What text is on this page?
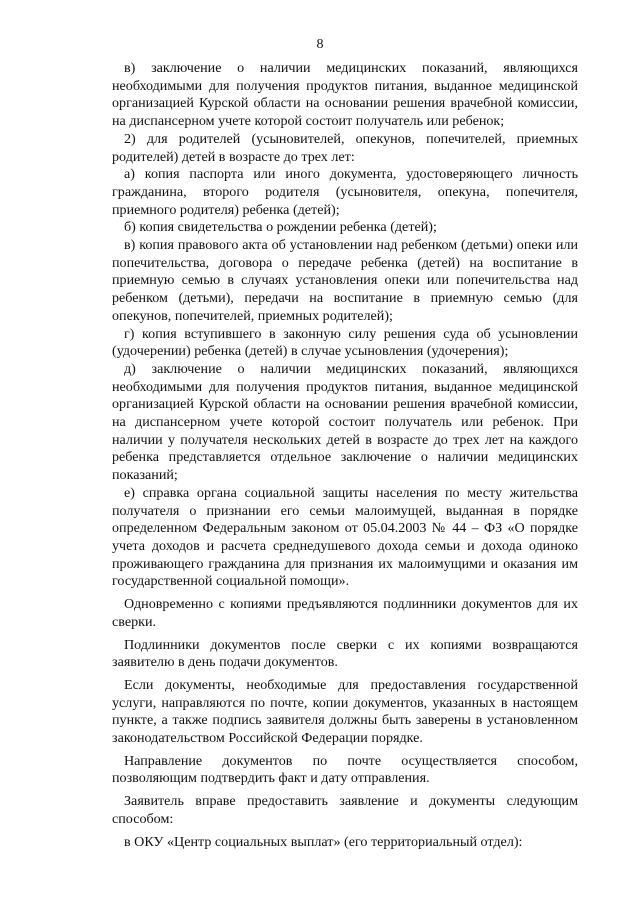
8

в) заключение о наличии медицинских показаний, являющихся необходимыми для получения продуктов питания, выданное медицинской организацией Курской области на основании решения врачебной комиссии, на диспансерном учете которой состоит получатель или ребенок;

2) для родителей (усыновителей, опекунов, попечителей, приемных родителей) детей в возрасте до трех лет:

а) копия паспорта или иного документа, удостоверяющего личность гражданина, второго родителя (усыновителя, опекуна, попечителя, приемного родителя) ребенка (детей);

б) копия свидетельства о рождении ребенка (детей);

в) копия правового акта об установлении над ребенком (детьми) опеки или попечительства, договора о передаче ребенка (детей) на воспитание в приемную семью в случаях установления опеки или попечительства над ребенком (детьми), передачи на воспитание в приемную семью (для опекунов, попечителей, приемных родителей);

г) копия вступившего в законную силу решения суда об усыновлении (удочерении) ребенка (детей) в случае усыновления (удочерения);

д) заключение о наличии медицинских показаний, являющихся необходимыми для получения продуктов питания, выданное медицинской организацией Курской области на основании решения врачебной комиссии, на диспансерном учете которой состоит получатель или ребенок. При наличии у получателя нескольких детей в возрасте до трех лет на каждого ребенка представляется отдельное заключение о наличии медицинских показаний;

е) справка органа социальной защиты населения по месту жительства получателя о признании его семьи малоимущей, выданная в порядке определенном Федеральным законом от 05.04.2003 № 44 – ФЗ «О порядке учета доходов и расчета среднедушевого дохода семьи и дохода одиноко проживающего гражданина для признания их малоимущими и оказания им государственной социальной помощи».

Одновременно с копиями предъявляются подлинники документов для их сверки.

Подлинники документов после сверки с их копиями возвращаются заявителю в день подачи документов.

Если документы, необходимые для предоставления государственной услуги, направляются по почте, копии документов, указанных в настоящем пункте, а также подпись заявителя должны быть заверены в установленном законодательством Российской Федерации порядке.

Направление документов по почте осуществляется способом, позволяющим подтвердить факт и дату отправления.

Заявитель вправе предоставить заявление и документы следующим способом:

в ОКУ «Центр социальных выплат» (его территориальный отдел):
